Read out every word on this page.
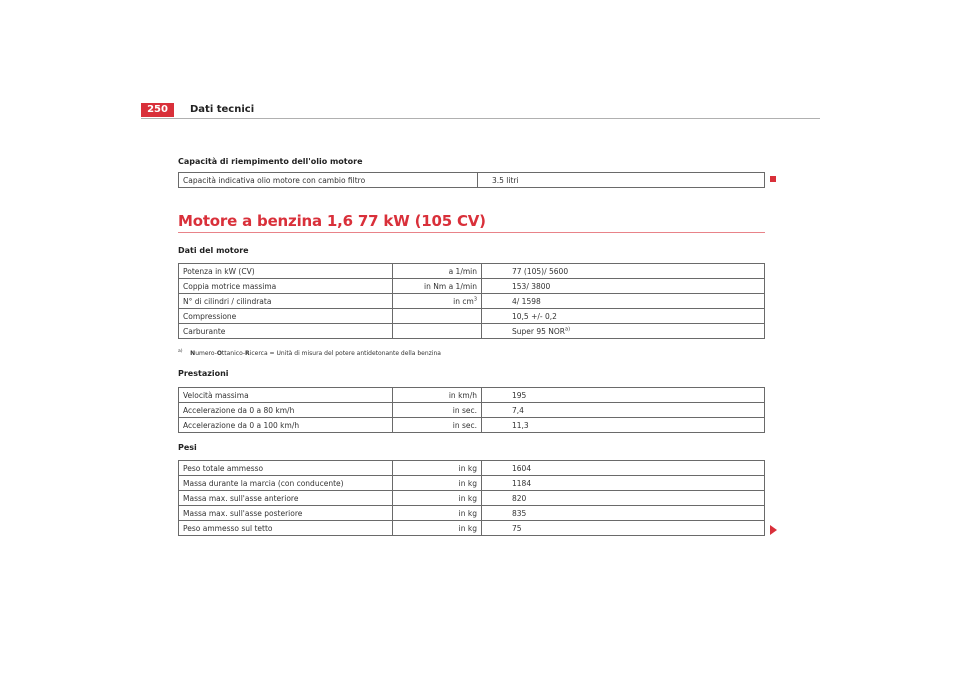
250	Dati tecnici
Capacità di riempimento dell'olio motore
Capacità indicativa olio motore con cambio filtro	3.5 litri
Motore a benzina 1,6 77 kW (105 CV)
Dati del motore
Potenza in kW (CV)	a 1/min	77 (105)/ 5600
Coppia motrice massima	in Nm a 1/min	153/ 3800
N° di cilindri / cilindrata	in $cm^3$	4/ 1598
Compressione		10,5 +/- 0,2
Carburante		Super 95 NOR$^{a)}$
$^{a)}$ Numero-Ottanico-Ricerca = Unità di misura del potere antidetonante della benzina
Prestazioni
Velocità massima	in km/h	195
Accelerazione da 0 a 80 km/h	in sec.	7,4
Accelerazione da 0 a 100 km/h	in sec.	11,3
Pesi
Peso totale ammesso	in kg	1604
Massa durante la marcia (con conducente)	in kg	1184
Massa max. sull'asse anteriore	in kg	820
Massa max. sull'asse posteriore	in kg	835
Peso ammesso sul tetto	in kg	75
